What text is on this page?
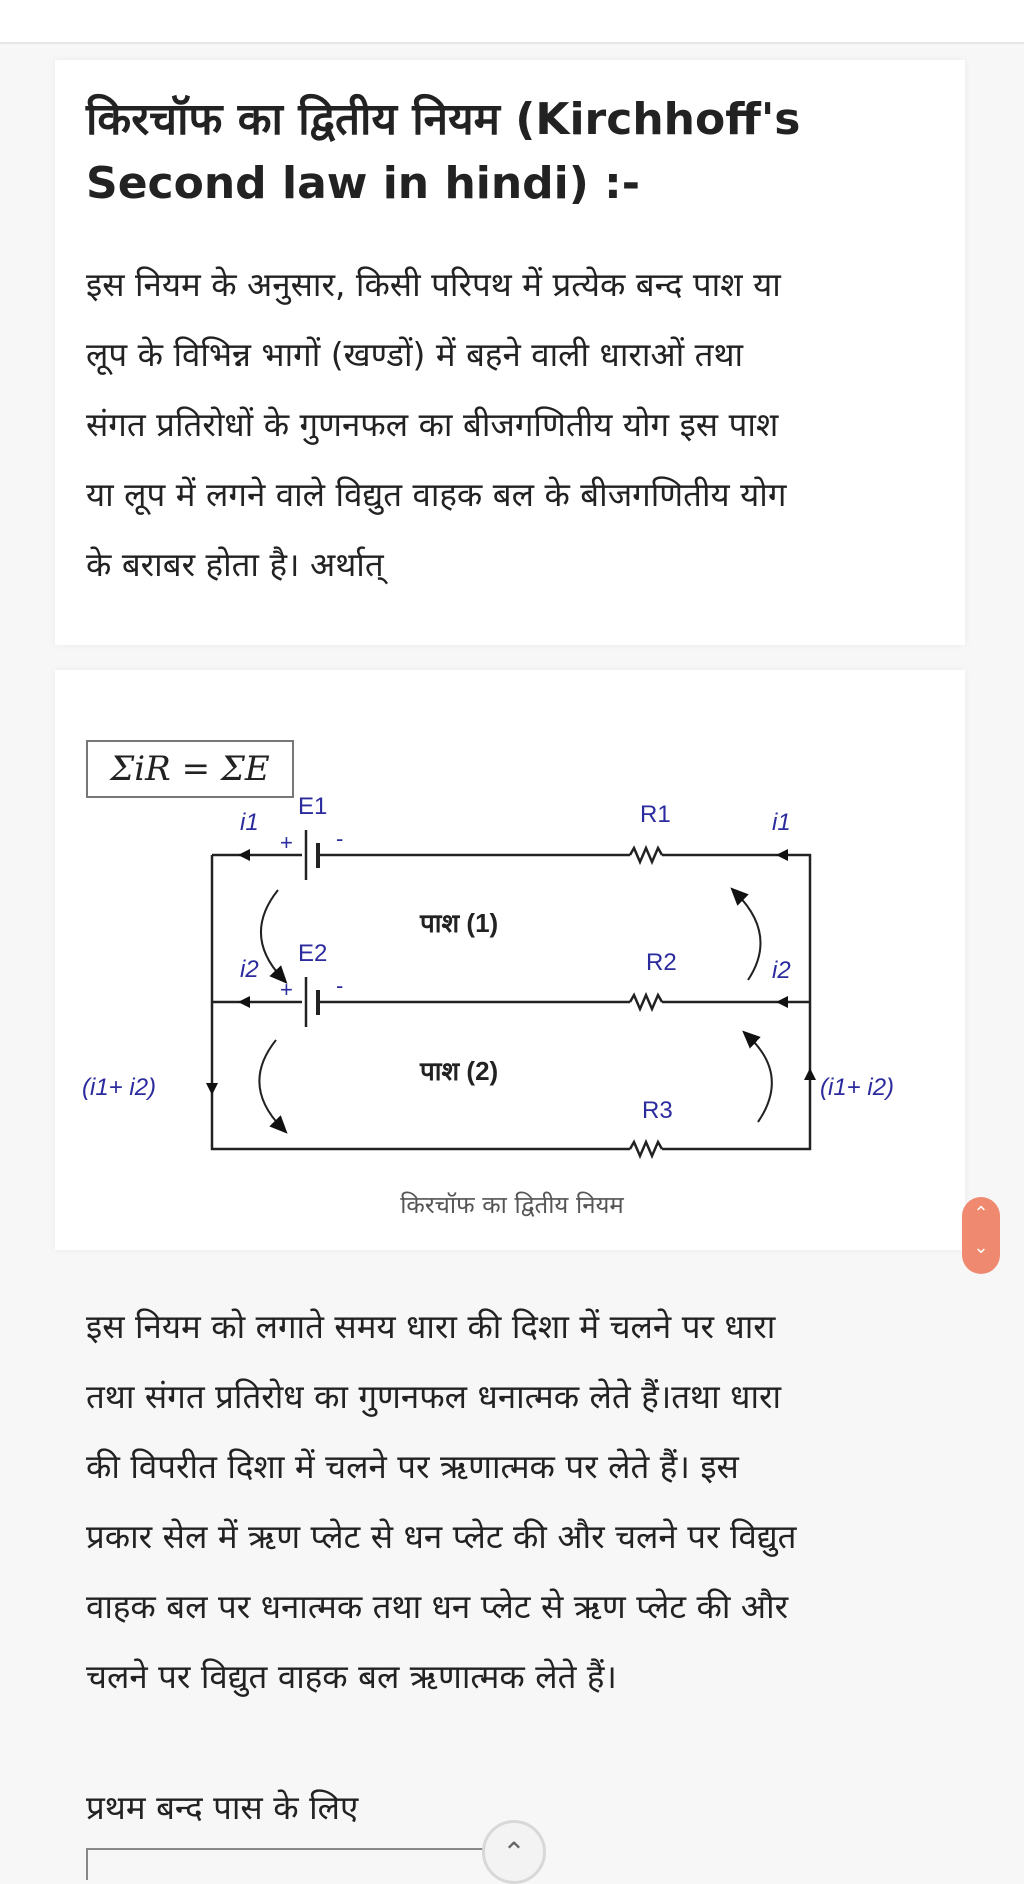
किरचॉफ का द्वितीय नियम (Kirchhoff's
Second law in hindi) :-
इस नियम के अनुसार, किसी परिपथ में प्रत्येक बन्द पाश या
लूप के विभिन्न भागों (खण्डों) में बहने वाली धाराओं तथा
संगत प्रतिरोधों के गुणनफल का बीजगणितीय योग इस पाश
या लूप में लगने वाले विद्युत वाहक बल के बीजगणितीय योग
के बराबर होता है। अर्थात्
ΣiR = ΣE
E1
E2
R1
R2
R3
i1
i2
i1
i2
(i1+ i2)	(i1+ i2)
+ -
+ -
पाश (1)
पाश (2)
किरचॉफ का द्वितीय नियम	⌃
⌄
इस नियम को लगाते समय धारा की दिशा में चलने पर धारा
तथा संगत प्रतिरोध का गुणनफल धनात्मक लेते हैं।तथा धारा
की विपरीत दिशा में चलने पर ऋणात्मक पर लेते हैं। इस
प्रकार सेल में ऋण प्लेट से धन प्लेट की और चलने पर विद्युत
वाहक बल पर धनात्मक तथा धन प्लेट से ऋण प्लेट की और
चलने पर विद्युत वाहक बल ऋणात्मक लेते हैं।
प्रथम बन्द पास के लिए
⌃
